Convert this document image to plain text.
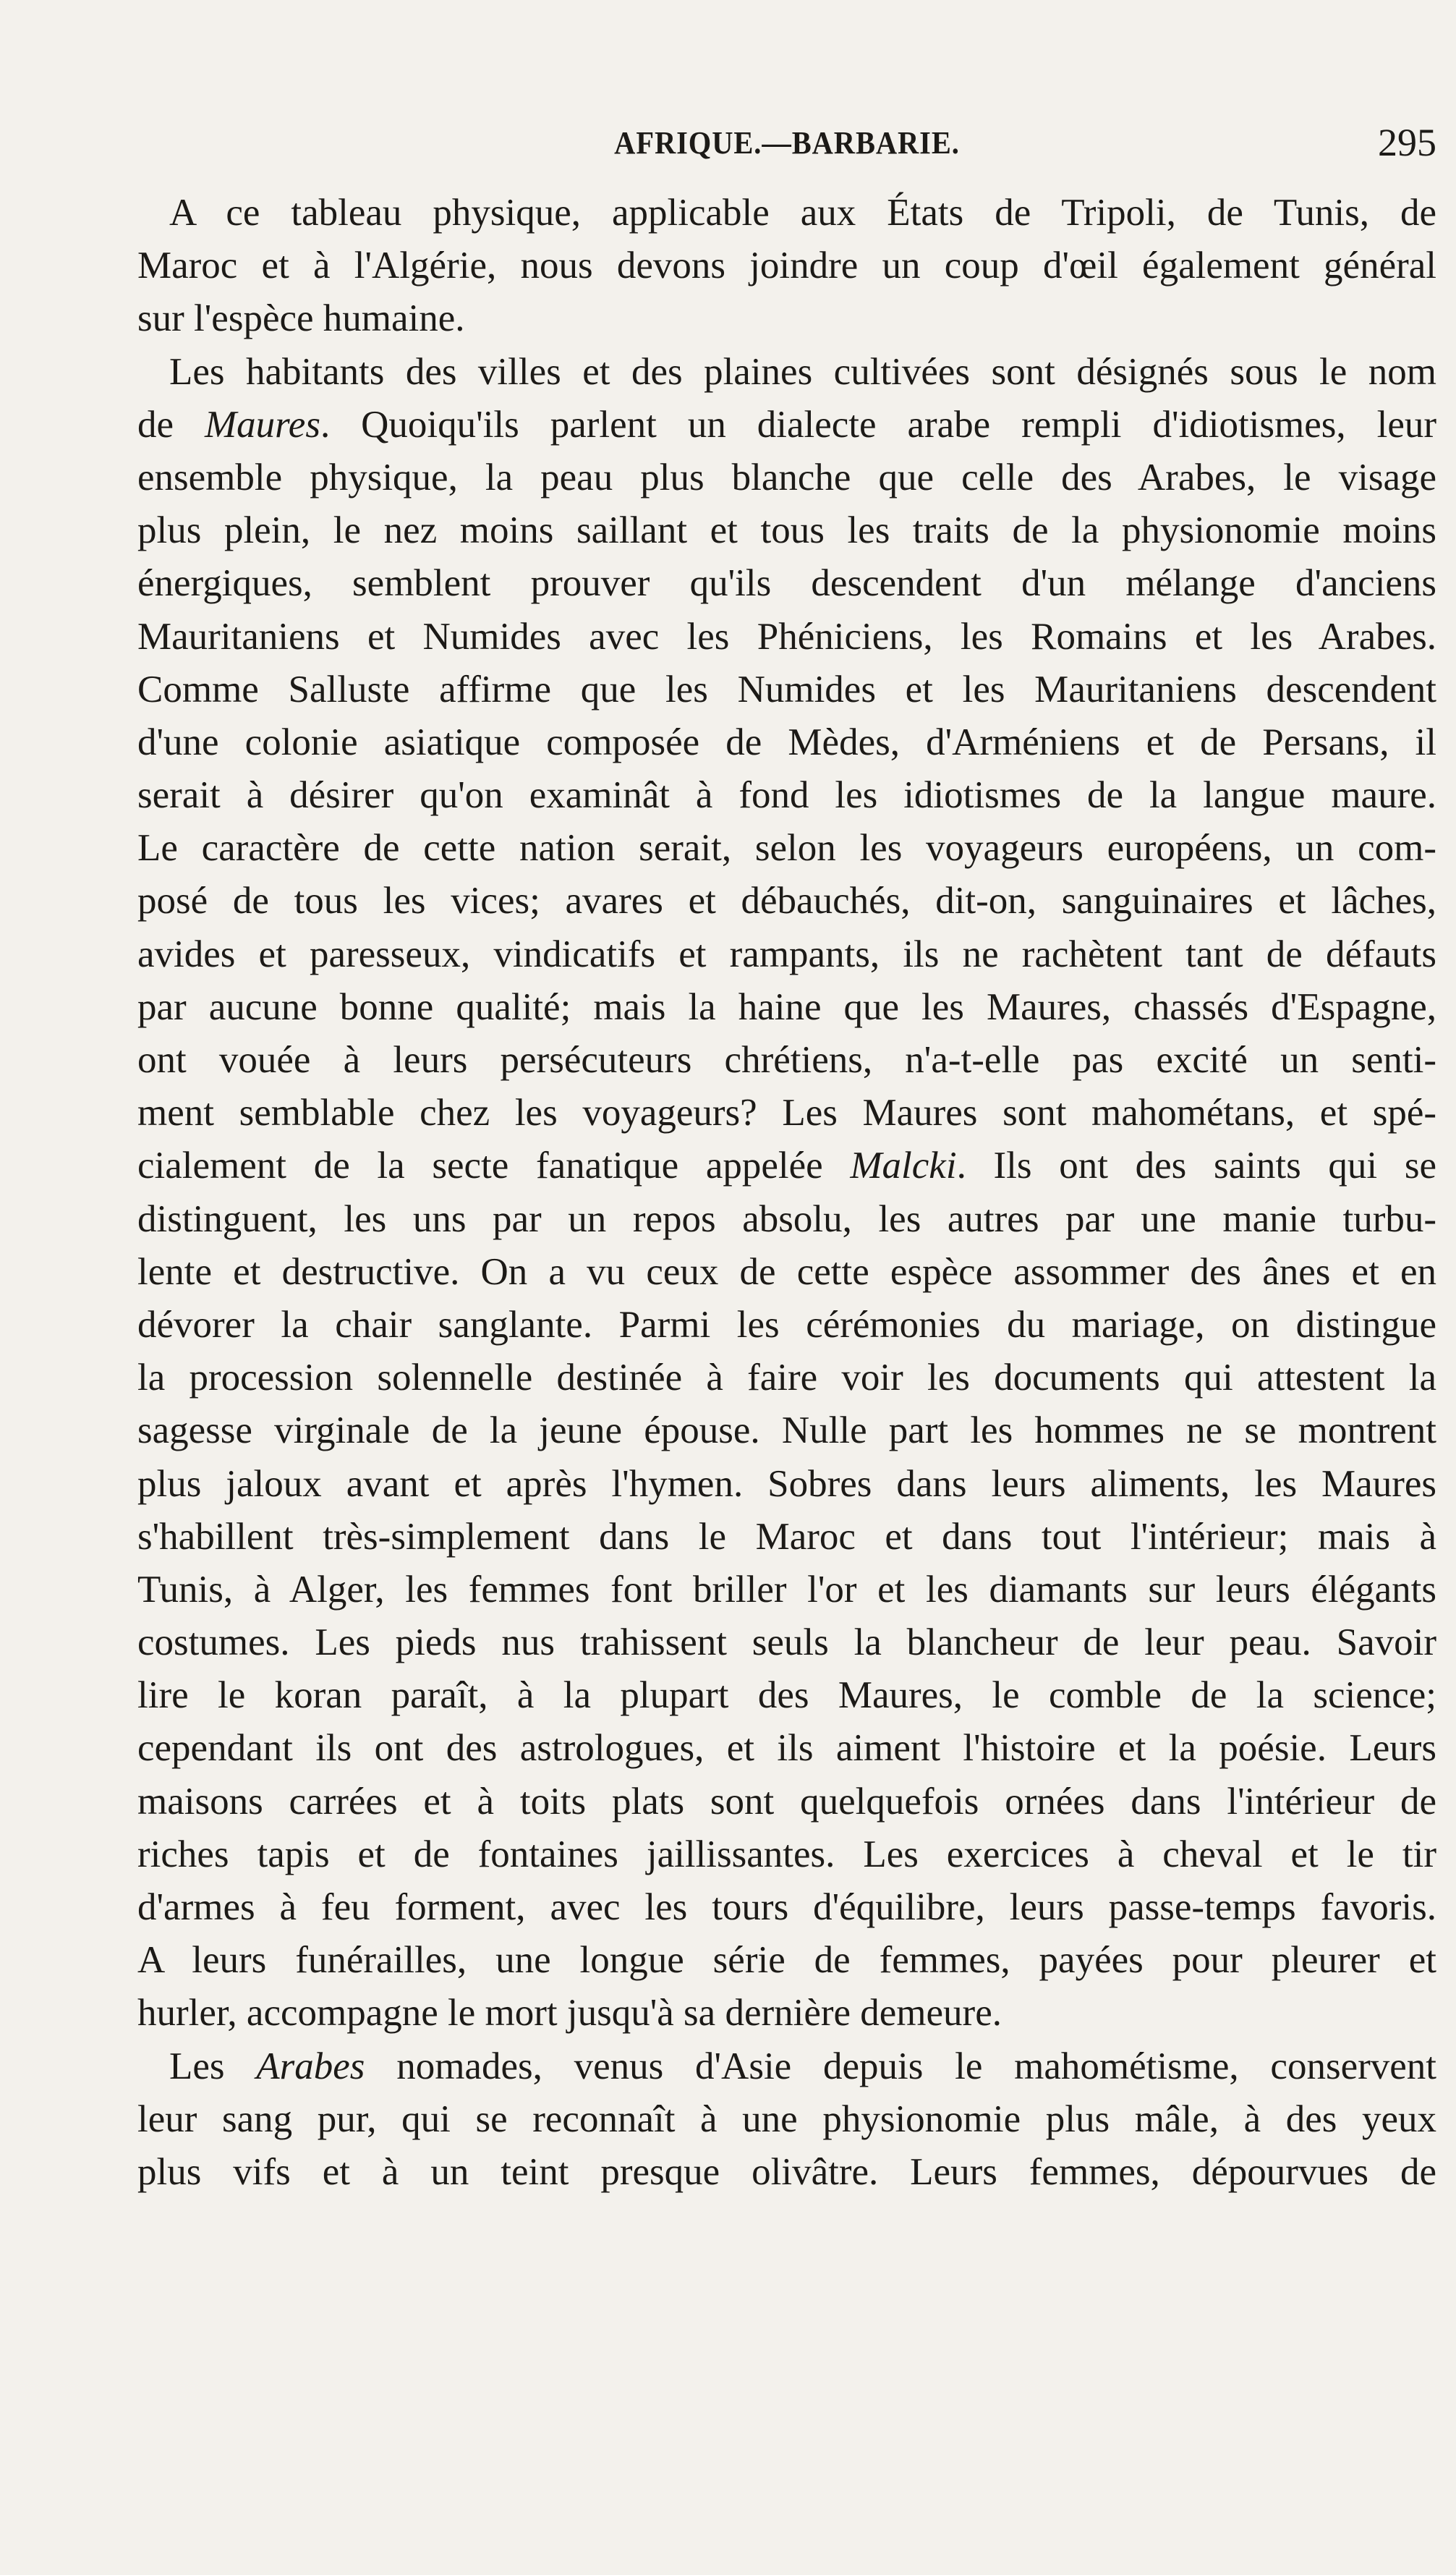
AFRIQUE.—BARBARIE.	295
A ce tableau physique, applicable aux États de Tripoli, de Tunis, de
Maroc et à l'Algérie, nous devons joindre un coup d'œil également général
sur l'espèce humaine.
Les habitants des villes et des plaines cultivées sont désignés sous le nom
de Maures. Quoiqu'ils parlent un dialecte arabe rempli d'idiotismes, leur
ensemble physique, la peau plus blanche que celle des Arabes, le visage
plus plein, le nez moins saillant et tous les traits de la physionomie moins
énergiques, semblent prouver qu'ils descendent d'un mélange d'anciens
Mauritaniens et Numides avec les Phéniciens, les Romains et les Arabes.
Comme Salluste affirme que les Numides et les Mauritaniens descendent
d'une colonie asiatique composée de Mèdes, d'Arméniens et de Persans, il
serait à désirer qu'on examinât à fond les idiotismes de la langue maure.
Le caractère de cette nation serait, selon les voyageurs européens, un com-
posé de tous les vices; avares et débauchés, dit-on, sanguinaires et lâches,
avides et paresseux, vindicatifs et rampants, ils ne rachètent tant de défauts
par aucune bonne qualité; mais la haine que les Maures, chassés d'Espagne,
ont vouée à leurs persécuteurs chrétiens, n'a-t-elle pas excité un senti-
ment semblable chez les voyageurs? Les Maures sont mahométans, et spé-
cialement de la secte fanatique appelée Malcki. Ils ont des saints qui se
distinguent, les uns par un repos absolu, les autres par une manie turbu-
lente et destructive. On a vu ceux de cette espèce assommer des ânes et en
dévorer la chair sanglante. Parmi les cérémonies du mariage, on distingue
la procession solennelle destinée à faire voir les documents qui attestent la
sagesse virginale de la jeune épouse. Nulle part les hommes ne se montrent
plus jaloux avant et après l'hymen. Sobres dans leurs aliments, les Maures
s'habillent très-simplement dans le Maroc et dans tout l'intérieur; mais à
Tunis, à Alger, les femmes font briller l'or et les diamants sur leurs élégants
costumes. Les pieds nus trahissent seuls la blancheur de leur peau. Savoir
lire le koran paraît, à la plupart des Maures, le comble de la science;
cependant ils ont des astrologues, et ils aiment l'histoire et la poésie. Leurs
maisons carrées et à toits plats sont quelquefois ornées dans l'intérieur de
riches tapis et de fontaines jaillissantes. Les exercices à cheval et le tir
d'armes à feu forment, avec les tours d'équilibre, leurs passe-temps favoris.
A leurs funérailles, une longue série de femmes, payées pour pleurer et
hurler, accompagne le mort jusqu'à sa dernière demeure.
Les Arabes nomades, venus d'Asie depuis le mahométisme, conservent
leur sang pur, qui se reconnaît à une physionomie plus mâle, à des yeux
plus vifs et à un teint presque olivâtre. Leurs femmes, dépourvues de
